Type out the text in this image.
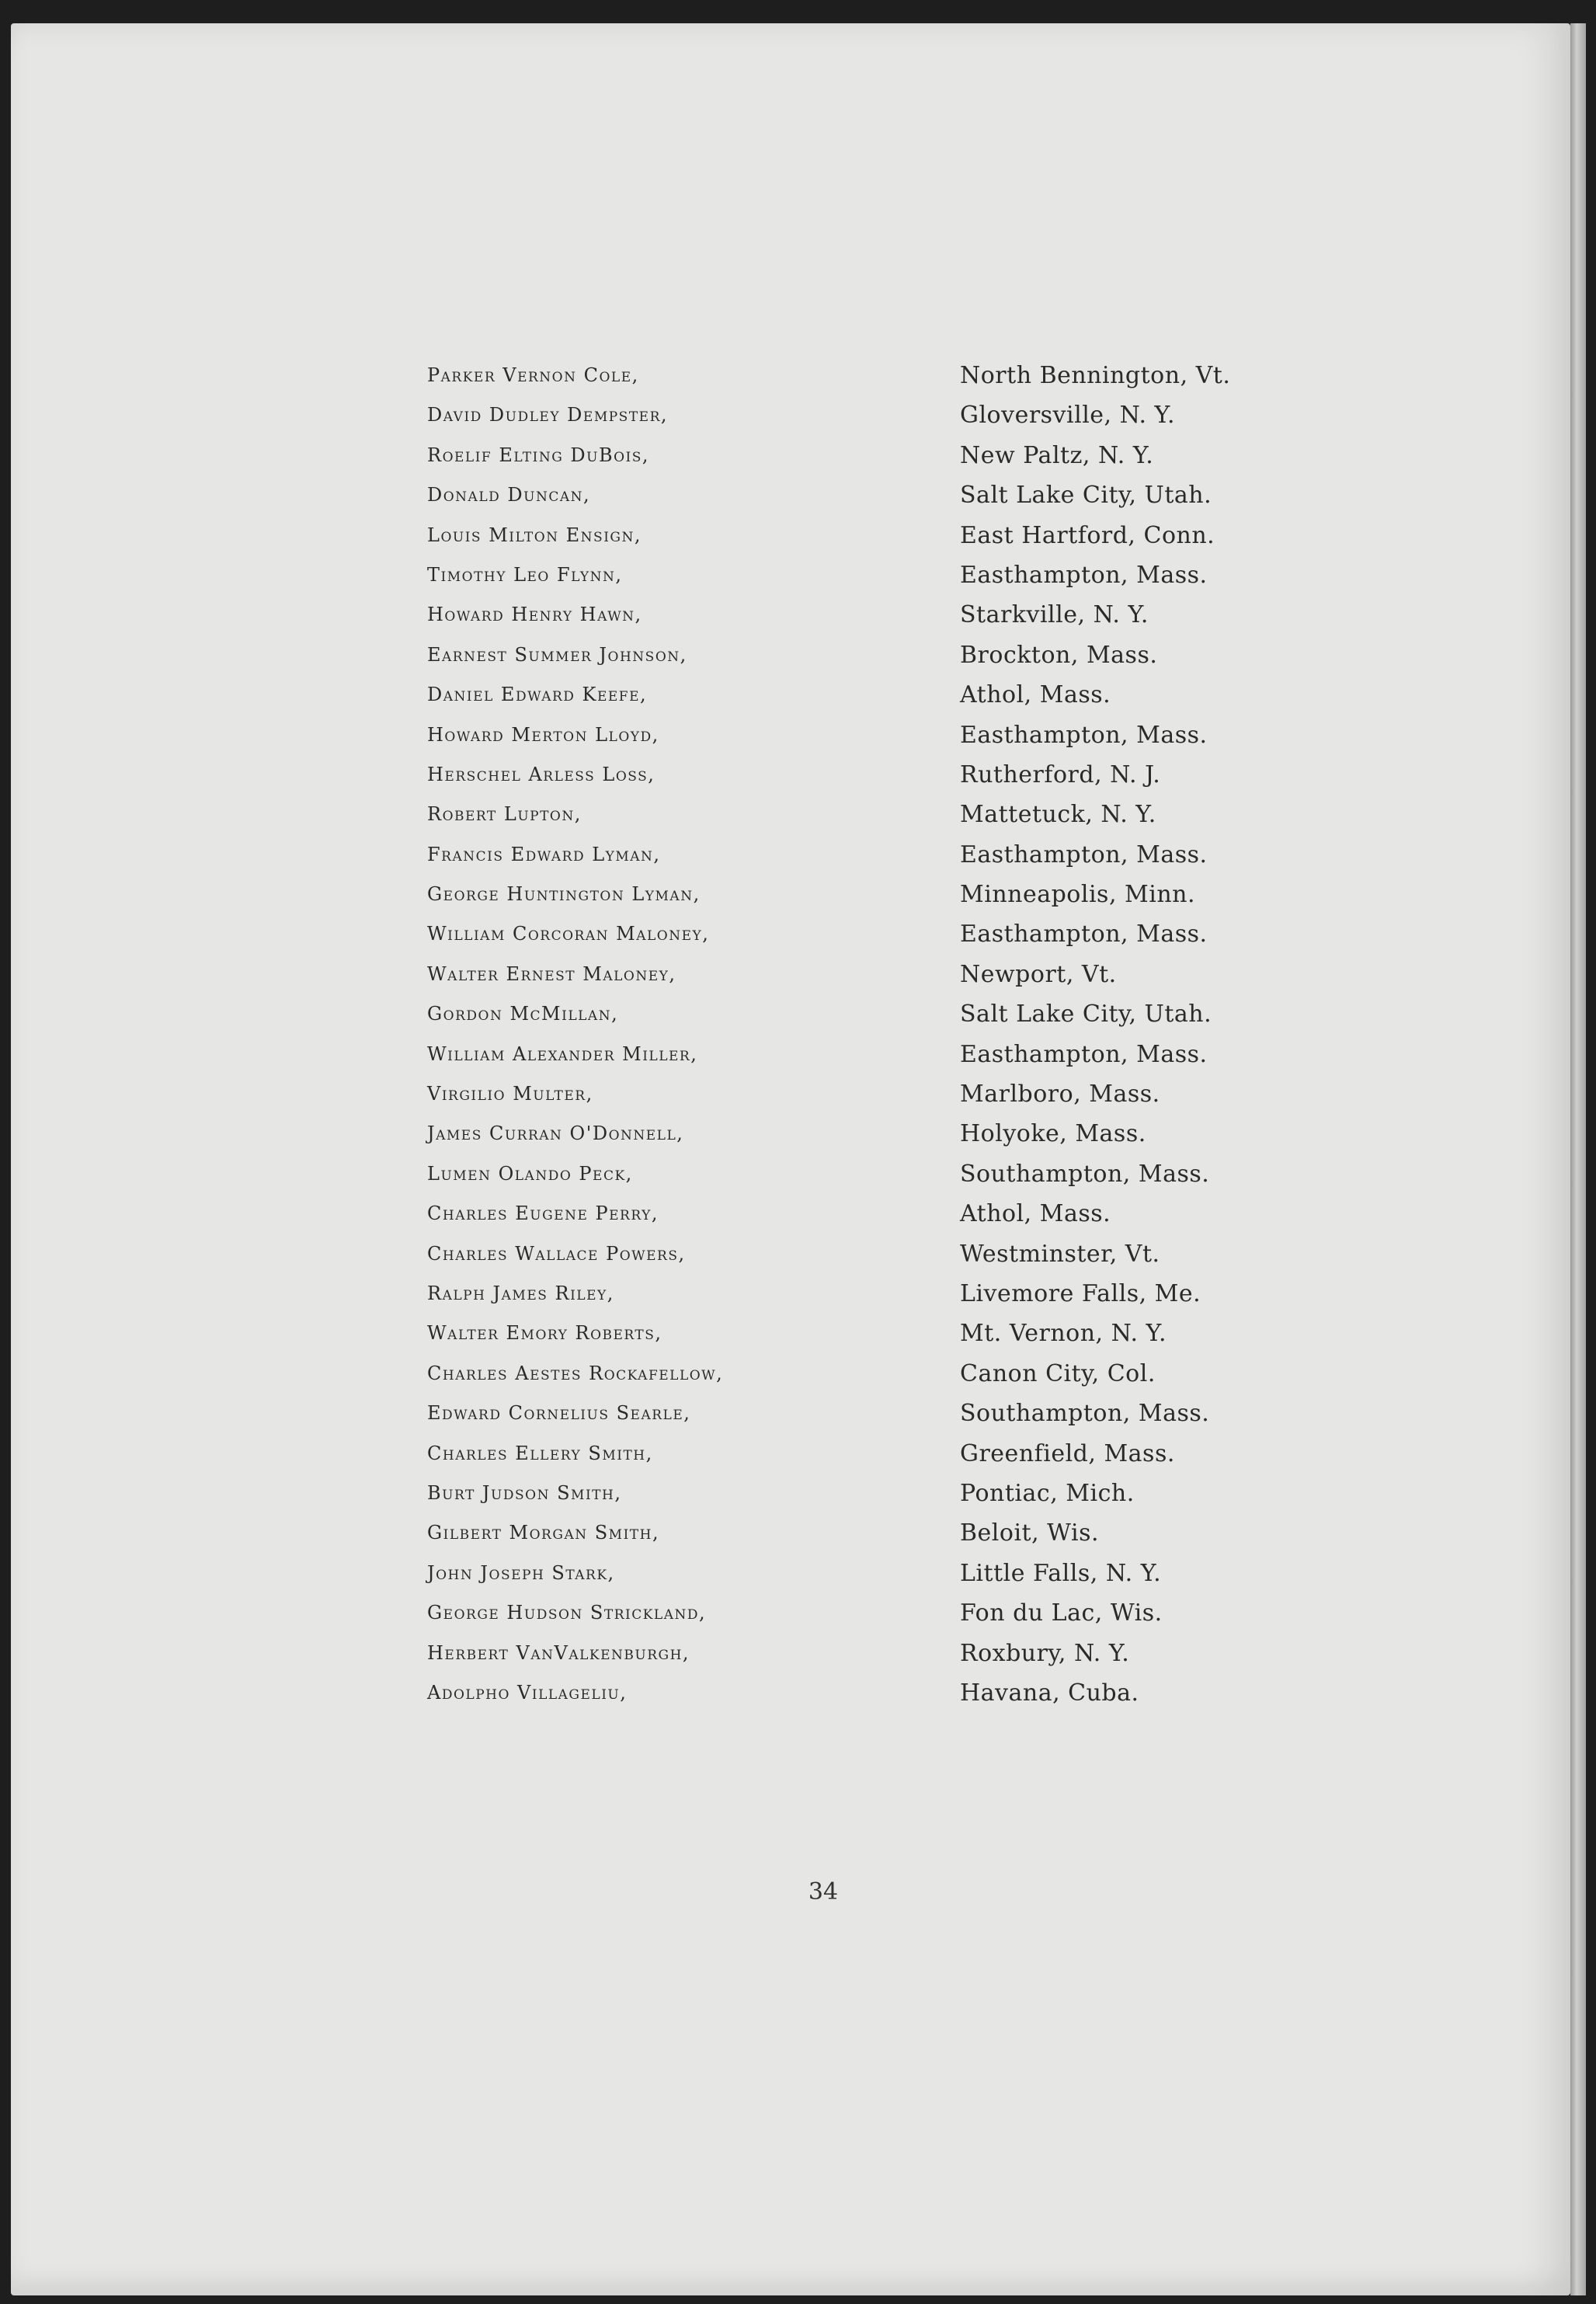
Parker Vernon Cole,	North Bennington, Vt.
David Dudley Dempster,	Gloversville, N. Y.
Roelif Elting DuBois,	New Paltz, N. Y.
Donald Duncan,	Salt Lake City, Utah.
Louis Milton Ensign,	East Hartford, Conn.
Timothy Leo Flynn,	Easthampton, Mass.
Howard Henry Hawn,	Starkville, N. Y.
Earnest Summer Johnson,	Brockton, Mass.
Daniel Edward Keefe,	Athol, Mass.
Howard Merton Lloyd,	Easthampton, Mass.
Herschel Arless Loss,	Rutherford, N. J.
Robert Lupton,	Mattetuck, N. Y.
Francis Edward Lyman,	Easthampton, Mass.
George Huntington Lyman,	Minneapolis, Minn.
William Corcoran Maloney,	Easthampton, Mass.
Walter Ernest Maloney,	Newport, Vt.
Gordon McMillan,	Salt Lake City, Utah.
William Alexander Miller,	Easthampton, Mass.
Virgilio Multer,	Marlboro, Mass.
James Curran O'Donnell,	Holyoke, Mass.
Lumen Olando Peck,	Southampton, Mass.
Charles Eugene Perry,	Athol, Mass.
Charles Wallace Powers,	Westminster, Vt.
Ralph James Riley,	Livemore Falls, Me.
Walter Emory Roberts,	Mt. Vernon, N. Y.
Charles Aestes Rockafellow,	Canon City, Col.
Edward Cornelius Searle,	Southampton, Mass.
Charles Ellery Smith,	Greenfield, Mass.
Burt Judson Smith,	Pontiac, Mich.
Gilbert Morgan Smith,	Beloit, Wis.
John Joseph Stark,	Little Falls, N. Y.
George Hudson Strickland,	Fon du Lac, Wis.
Herbert VanValkenburgh,	Roxbury, N. Y.
Adolpho Villageliu,	Havana, Cuba.
34
